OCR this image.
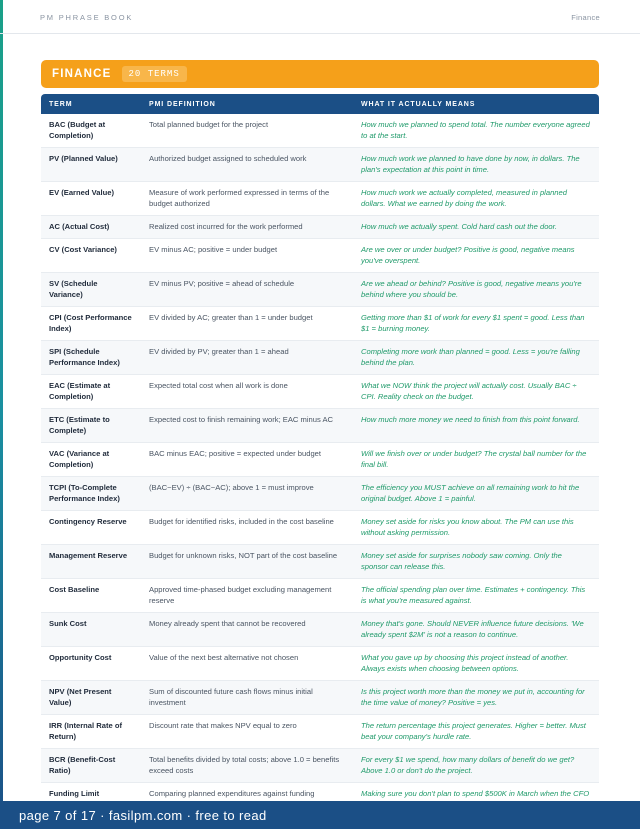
PM PHRASE BOOK	Finance
FINANCE	20 TERMS
TERM	PMI DEFINITION	WHAT IT ACTUALLY MEANS
BAC (Budget at Completion)	Total planned budget for the project	How much we planned to spend total. The number everyone agreed to at the start.
PV (Planned Value)	Authorized budget assigned to scheduled work	How much work we planned to have done by now, in dollars. The plan's expectation at this point in time.
EV (Earned Value)	Measure of work performed expressed in terms of the budget authorized	How much work we actually completed, measured in planned dollars. What we earned by doing the work.
AC (Actual Cost)	Realized cost incurred for the work performed	How much we actually spent. Cold hard cash out the door.
CV (Cost Variance)	EV minus AC; positive = under budget	Are we over or under budget? Positive is good, negative means you've overspent.
SV (Schedule Variance)	EV minus PV; positive = ahead of schedule	Are we ahead or behind? Positive is good, negative means you're behind where you should be.
CPI (Cost Performance Index)	EV divided by AC; greater than 1 = under budget	Getting more than $1 of work for every $1 spent = good. Less than $1 = burning money.
SPI (Schedule Performance Index)	EV divided by PV; greater than 1 = ahead	Completing more work than planned = good. Less = you're falling behind the plan.
EAC (Estimate at Completion)	Expected total cost when all work is done	What we NOW think the project will actually cost. Usually BAC ÷ CPI. Reality check on the budget.
ETC (Estimate to Complete)	Expected cost to finish remaining work; EAC minus AC	How much more money we need to finish from this point forward.
VAC (Variance at Completion)	BAC minus EAC; positive = expected under budget	Will we finish over or under budget? The crystal ball number for the final bill.
TCPI (To-Complete Performance Index)	(BAC−EV) ÷ (BAC−AC); above 1 = must improve	The efficiency you MUST achieve on all remaining work to hit the original budget. Above 1 = painful.
Contingency Reserve	Budget for identified risks, included in the cost baseline	Money set aside for risks you know about. The PM can use this without asking permission.
Management Reserve	Budget for unknown risks, NOT part of the cost baseline	Money set aside for surprises nobody saw coming. Only the sponsor can release this.
Cost Baseline	Approved time-phased budget excluding management reserve	The official spending plan over time. Estimates + contingency. This is what you're measured against.
Sunk Cost	Money already spent that cannot be recovered	Money that's gone. Should NEVER influence future decisions. 'We already spent $2M' is not a reason to continue.
Opportunity Cost	Value of the next best alternative not chosen	What you gave up by choosing this project instead of another. Always exists when choosing between options.
NPV (Net Present Value)	Sum of discounted future cash flows minus initial investment	Is this project worth more than the money we put in, accounting for the time value of money? Positive = yes.
IRR (Internal Rate of Return)	Discount rate that makes NPV equal to zero	The return percentage this project generates. Higher = better. Must beat your company's hurdle rate.
BCR (Benefit-Cost Ratio)	Total benefits divided by total costs; above 1.0 = benefits exceed costs	For every $1 we spend, how many dollars of benefit do we get? Above 1.0 or don't do the project.
Funding Limit	Comparing planned expenditures against funding	Making sure you don't plan to spend $500K in March when the CFO

page 7 of 17 · fasilpm.com · free to read
